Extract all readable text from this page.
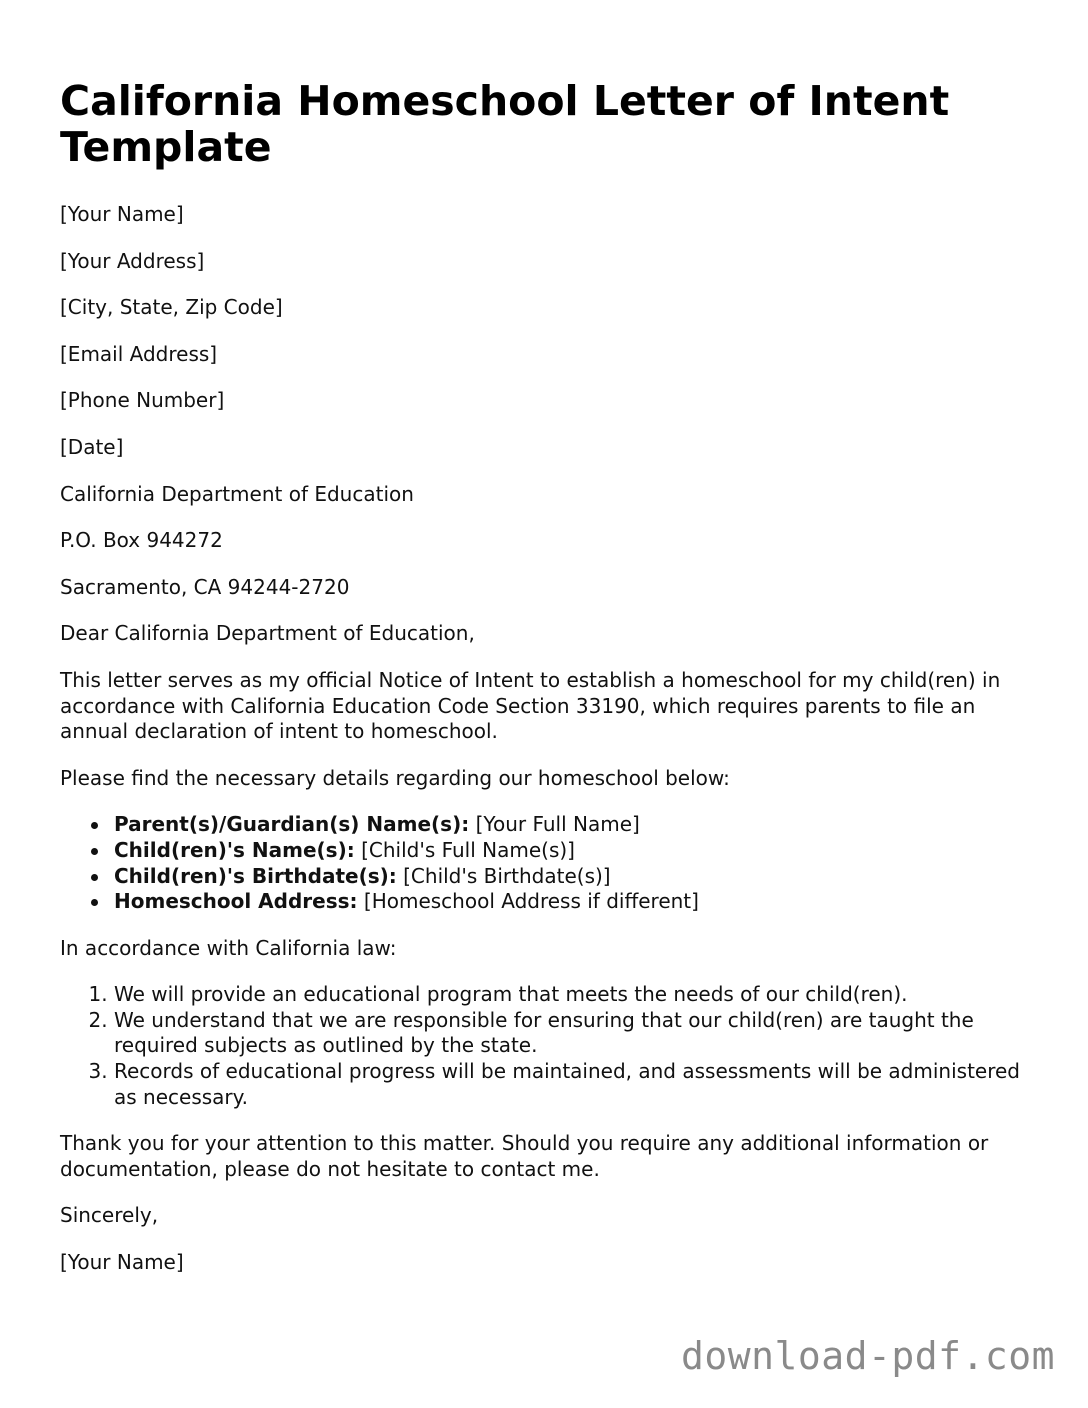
California Homeschool Letter of Intent Template

[Your Name]

[Your Address]

[City, State, Zip Code]

[Email Address]

[Phone Number]

[Date]

California Department of Education

P.O. Box 944272

Sacramento, CA 94244-2720

Dear California Department of Education,

This letter serves as my official Notice of Intent to establish a homeschool for my child(ren) in accordance with California Education Code Section 33190, which requires parents to file an annual declaration of intent to homeschool.

Please find the necessary details regarding our homeschool below:

Parent(s)/Guardian(s) Name(s): [Your Full Name]
Child(ren)'s Name(s): [Child's Full Name(s)]
Child(ren)'s Birthdate(s): [Child's Birthdate(s)]
Homeschool Address: [Homeschool Address if different]

In accordance with California law:

1. We will provide an educational program that meets the needs of our child(ren).
2. We understand that we are responsible for ensuring that our child(ren) are taught the required subjects as outlined by the state.
3. Records of educational progress will be maintained, and assessments will be administered as necessary.

Thank you for your attention to this matter. Should you require any additional information or documentation, please do not hesitate to contact me.

Sincerely,

[Your Name]

download-pdf.com
